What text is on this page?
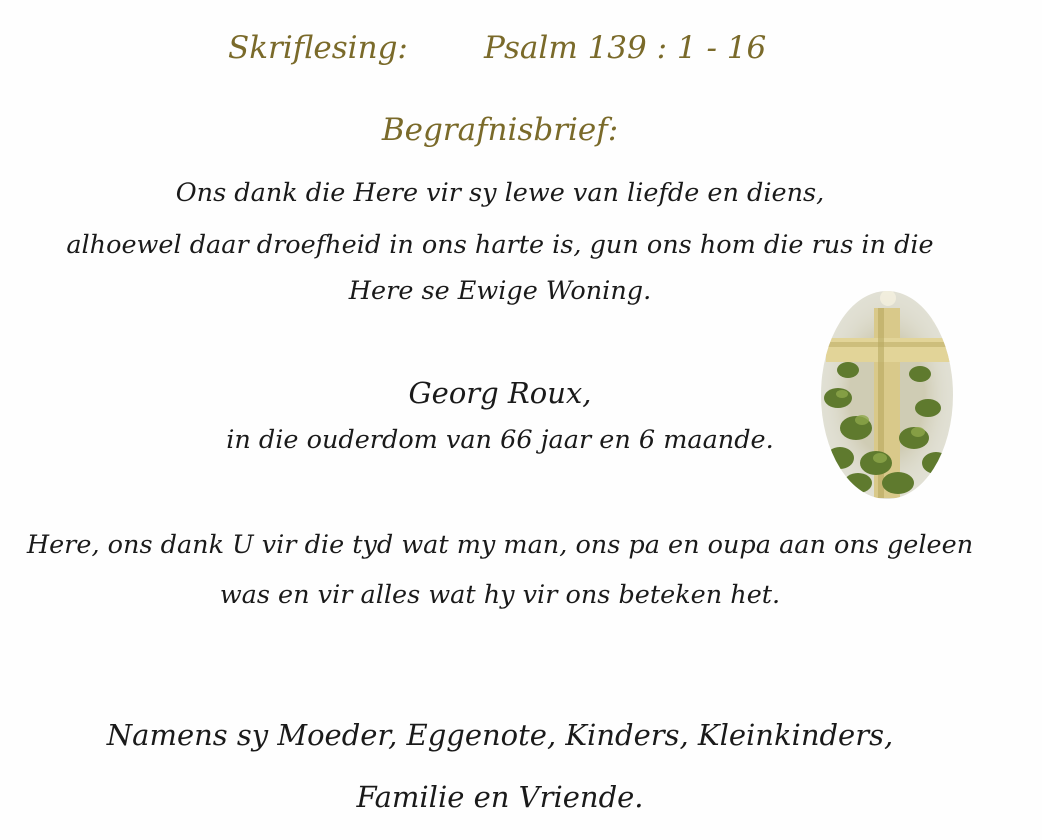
Skriflesing: Psalm 139 : 1 - 16
Begrafnisbrief:
Ons dank die Here vir sy lewe van liefde en diens,
alhoewel daar droefheid in ons harte is, gun ons hom die rus in die
Here se Ewige Woning.
Georg Roux,
in die ouderdom van 66 jaar en 6 maande.
Here, ons dank U vir die tyd wat my man, ons pa en oupa aan ons geleen
was en vir alles wat hy vir ons beteken het.
Namens sy Moeder, Eggenote, Kinders, Kleinkinders,
Familie en Vriende.
